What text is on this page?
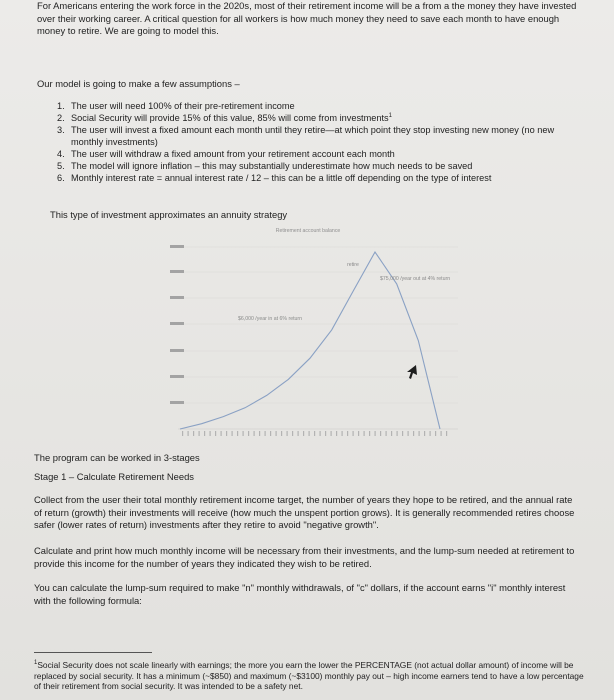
For Americans entering the work force in the 2020s, most of their retirement income will be a from a the money they have invested over their working career. A critical question for all workers is how much money they need to save each month to have enough money to retire. We are going to model this.

Our model is going to make a few assumptions –

1. The user will need 100% of their pre-retirement income
2. Social Security will provide 15% of this value, 85% will come from investments$^1$
3. The user will invest a fixed amount each month until they retire—at which point they stop investing new money (no new monthly investments)
4. The user will withdraw a fixed amount from your retirement account each month
5. The model will ignore inflation – this may substantially underestimate how much needs to be saved
6. Monthly interest rate = annual interest rate / 12 – this can be a little off depending on the type of interest

This type of investment approximates an annuity strategy

Retirement account balance
retire
$6,000 /year in at 6% return
$75,000 /year out at 4% return

The program can be worked in 3-stages

Stage 1 – Calculate Retirement Needs

Collect from the user their total monthly retirement income target, the number of years they hope to be retired, and the annual rate of return (growth) their investments will receive (how much the unspent portion grows). It is generally recommended retires choose safer (lower rates of return) investments after they retire to avoid "negative growth".

Calculate and print how much monthly income will be necessary from their investments, and the lump-sum needed at retirement to provide this income for the number of years they indicated they wish to be retired.

You can calculate the lump-sum required to make "n" monthly withdrawals, of "c" dollars, if the account earns "i" monthly interest with the following formula:

$^1$Social Security does not scale linearly with earnings; the more you earn the lower the PERCENTAGE (not actual dollar amount) of income will be replaced by social security. It has a minimum (~$850) and maximum (~$3100) monthly pay out – high income earners tend to have a low percentage of their retirement from social security. It was intended to be a safety net.
